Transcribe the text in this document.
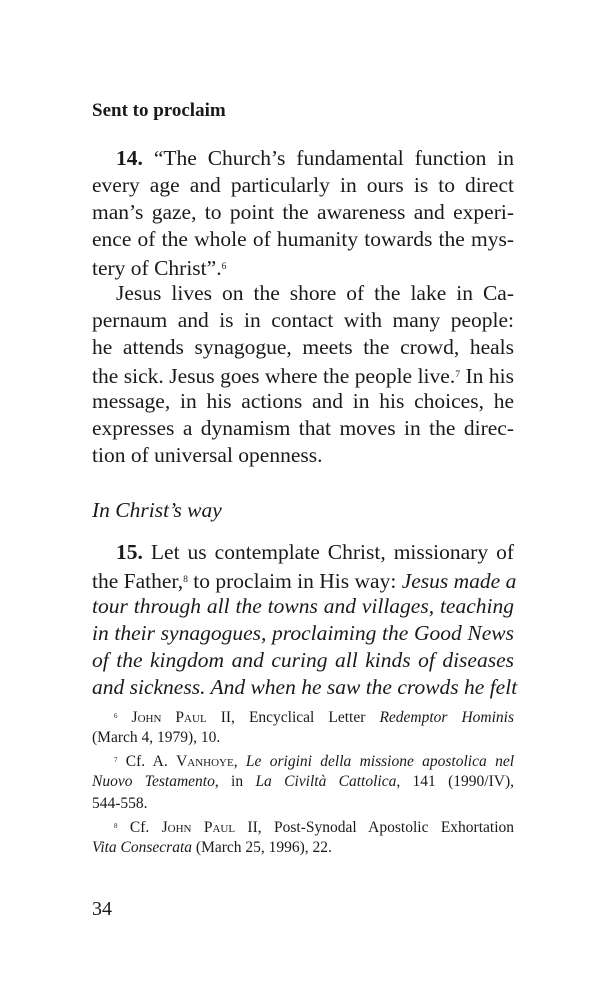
Sent to proclaim
14. “The Church’s fundamental function in
every age and particularly in ours is to direct
man’s gaze, to point the awareness and experi-
ence of the whole of humanity towards the mys-
tery of Christ”.$^6$
Jesus lives on the shore of the lake in Ca-
pernaum and is in contact with many people:
he attends synagogue, meets the crowd, heals
the sick. Jesus goes where the people live.$^7$ In his
message, in his actions and in his choices, he
expresses a dynamism that moves in the direc-
tion of universal openness.
In Christ’s way
15. Let us contemplate Christ, missionary of
the Father,$^8$ to proclaim in His way: Jesus made a
tour through all the towns and villages, teaching
in their synagogues, proclaiming the Good News
of the kingdom and curing all kinds of diseases
and sickness. And when he saw the crowds he felt
$^6$ John Paul II, Encyclical Letter Redemptor Hominis
(March 4, 1979), 10.
$^7$ Cf. A. Vanhoye, Le origini della missione apostolica nel
Nuovo Testamento, in La Civiltà Cattolica, 141 (1990/IV),
544-558.
$^8$ Cf. John Paul II, Post-Synodal Apostolic Exhortation
Vita Consecrata (March 25, 1996), 22.
34
